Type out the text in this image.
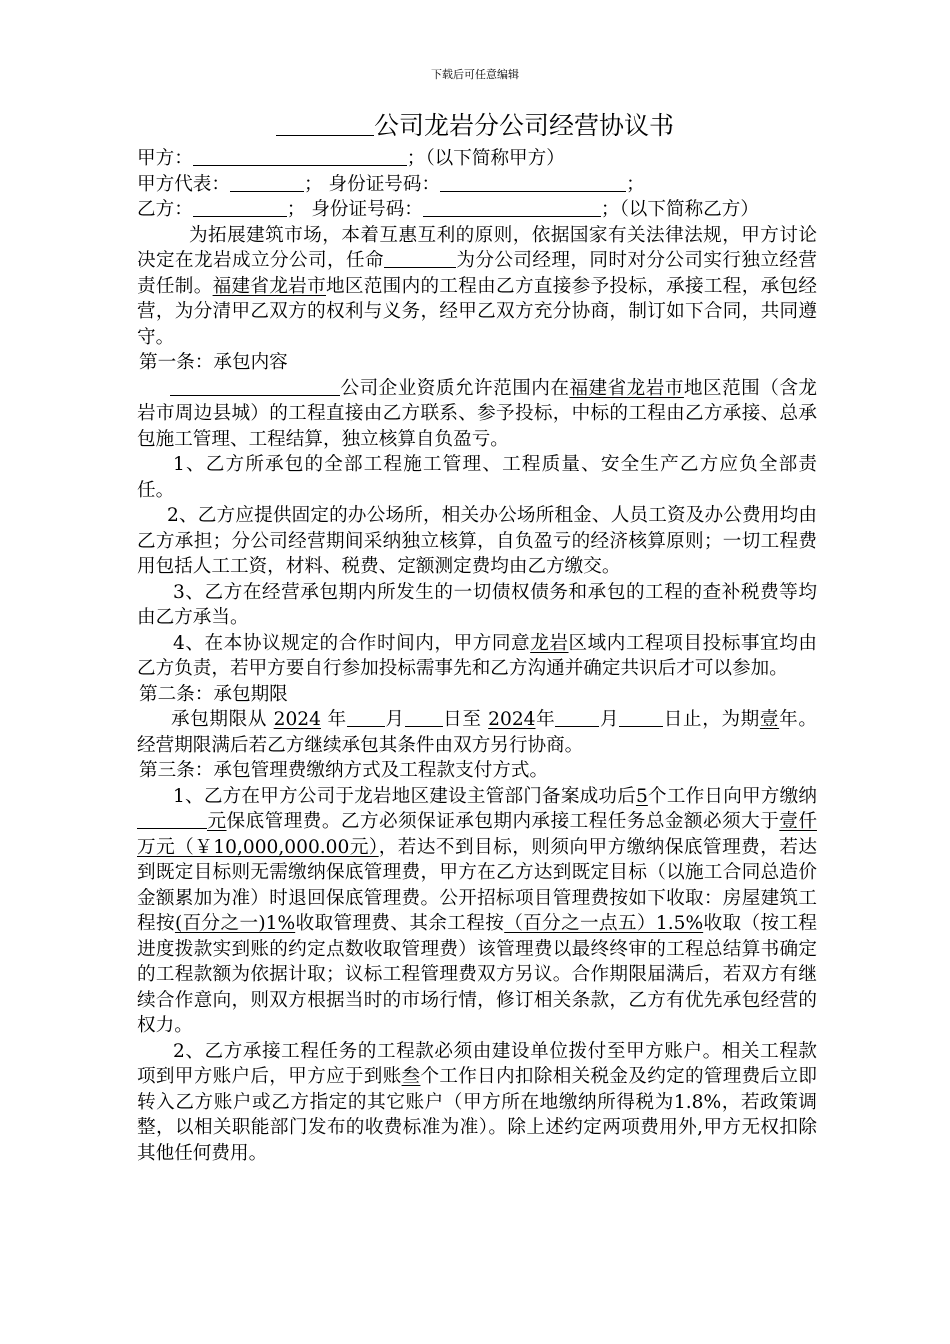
下载后可任意编辑
公司龙岩分公司经营协议书

甲方：	；（以下简称甲方）

甲方代表：	； 身份证号码：	；

乙方：	； 身份证号码：	；（以下简称乙方）

为拓展建筑市场，本着互惠互利的原则，依据国家有关法律法规，甲方讨论决定在龙岩成立分公司，任命	为分公司经理，同时对分公司实行独立经营责任制。福建省龙岩市地区范围内的工程由乙方直接参予投标，承接工程，承包经营，为分清甲乙双方的权利与义务，经甲乙双方充分协商，制订如下合同，共同遵守。

第一条：承包内容

公司企业资质允许范围内在福建省龙岩市地区范围（含龙岩市周边县城）的工程直接由乙方联系、参予投标，中标的工程由乙方承接、总承包施工管理、工程结算，独立核算自负盈亏。

1、乙方所承包的全部工程施工管理、工程质量、安全生产乙方应负全部责任。

2、乙方应提供固定的办公场所，相关办公场所租金、人员工资及办公费用均由乙方承担；分公司经营期间采纳独立核算，自负盈亏的经济核算原则；一切工程费用包括人工工资，材料、税费、定额测定费均由乙方缴交。

3、乙方在经营承包期内所发生的一切债权债务和承包的工程的查补税费等均由乙方承当。

4、在本协议规定的合作时间内，甲方同意龙岩区域内工程项目投标事宜均由乙方负责，若甲方要自行参加投标需事先和乙方沟通并确定共识后才可以参加。

第二条：承包期限

承包期限从 2024 年 月 日至 2024年 月 日止，为期壹年。经营期限满后若乙方继续承包其条件由双方另行协商。

第三条：承包管理费缴纳方式及工程款支付方式。

1、乙方在甲方公司于龙岩地区建设主管部门备案成功后5个工作日向甲方缴纳元保底管理费。乙方必须保证承包期内承接工程任务总金额必须大于壹仟万元（￥10,000,000.00元），若达不到目标，则须向甲方缴纳保底管理费，若达到既定目标则无需缴纳保底管理费，甲方在乙方达到既定目标（以施工合同总造价金额累加为准）时退回保底管理费。公开招标项目管理费按如下收取：房屋建筑工程按(百分之一)1%收取管理费、其余工程按（百分之一点五）1.5%收取（按工程进度拨款实到账的约定点数收取管理费）该管理费以最终终审的工程总结算书确定的工程款额为依据计取；议标工程管理费双方另议。合作期限届满后，若双方有继续合作意向，则双方根据当时的市场行情，修订相关条款，乙方有优先承包经营的权力。

2、乙方承接工程任务的工程款必须由建设单位拨付至甲方账户。相关工程款项到甲方账户后，甲方应于到账叁个工作日内扣除相关税金及约定的管理费后立即转入乙方账户或乙方指定的其它账户（甲方所在地缴纳所得税为1.8%，若政策调整，以相关职能部门发布的收费标准为准）。除上述约定两项费用外,甲方无权扣除其他任何费用。
